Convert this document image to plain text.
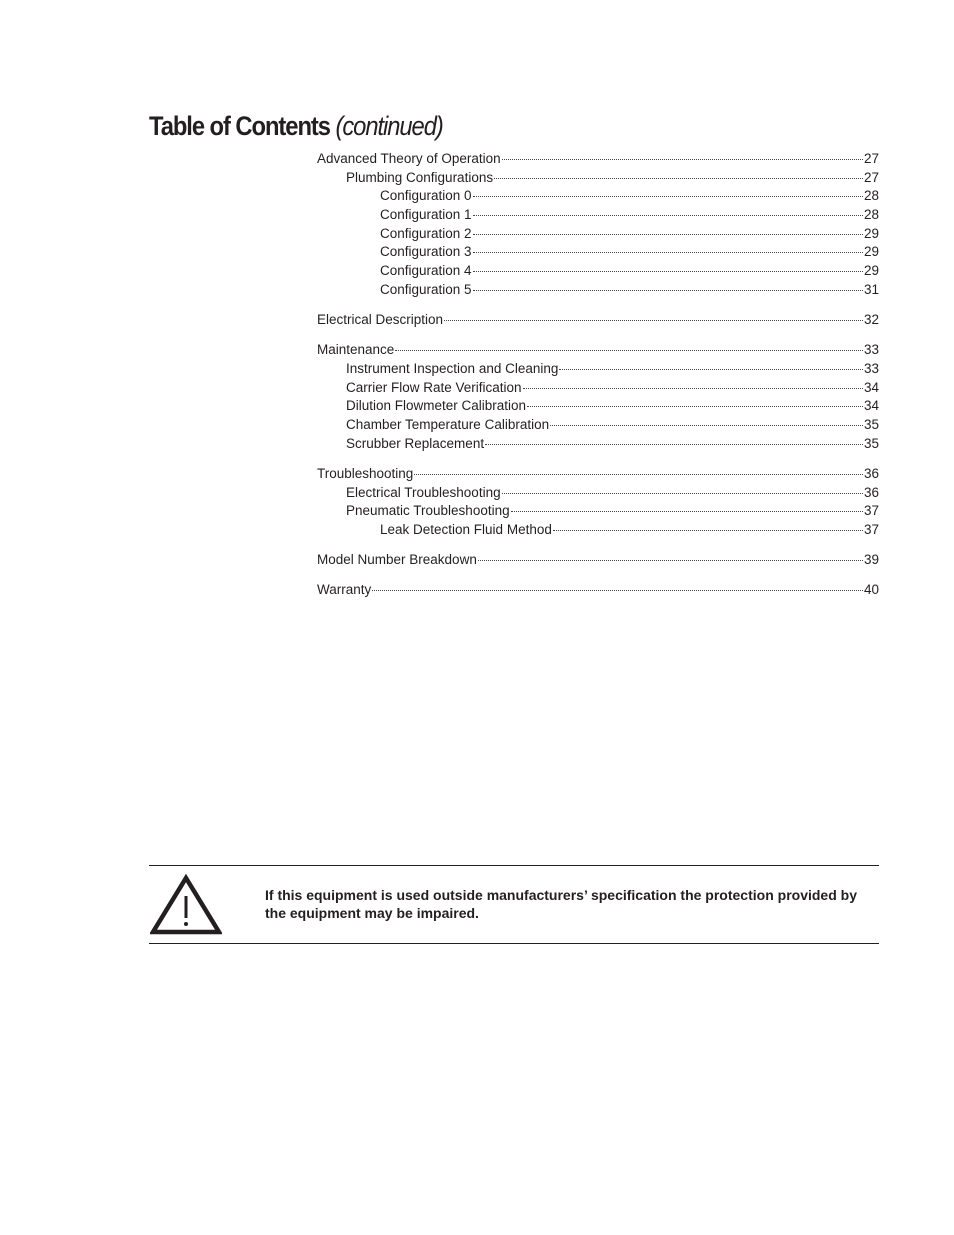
Table of Contents (continued)
Advanced Theory of Operation	27
Plumbing Configurations	27
Configuration 0	28
Configuration 1	28
Configuration 2	29
Configuration 3	29
Configuration 4	29
Configuration 5	31
Electrical Description	32
Maintenance	33
Instrument Inspection and Cleaning	33
Carrier Flow Rate Verification	34
Dilution Flowmeter Calibration	34
Chamber Temperature Calibration	35
Scrubber Replacement	35
Troubleshooting	36
Electrical Troubleshooting	36
Pneumatic Troubleshooting	37
Leak Detection Fluid Method	37
Model Number Breakdown	39
Warranty	40

If this equipment is used outside manufacturers’ specification the protection provided by the equipment may be impaired.
